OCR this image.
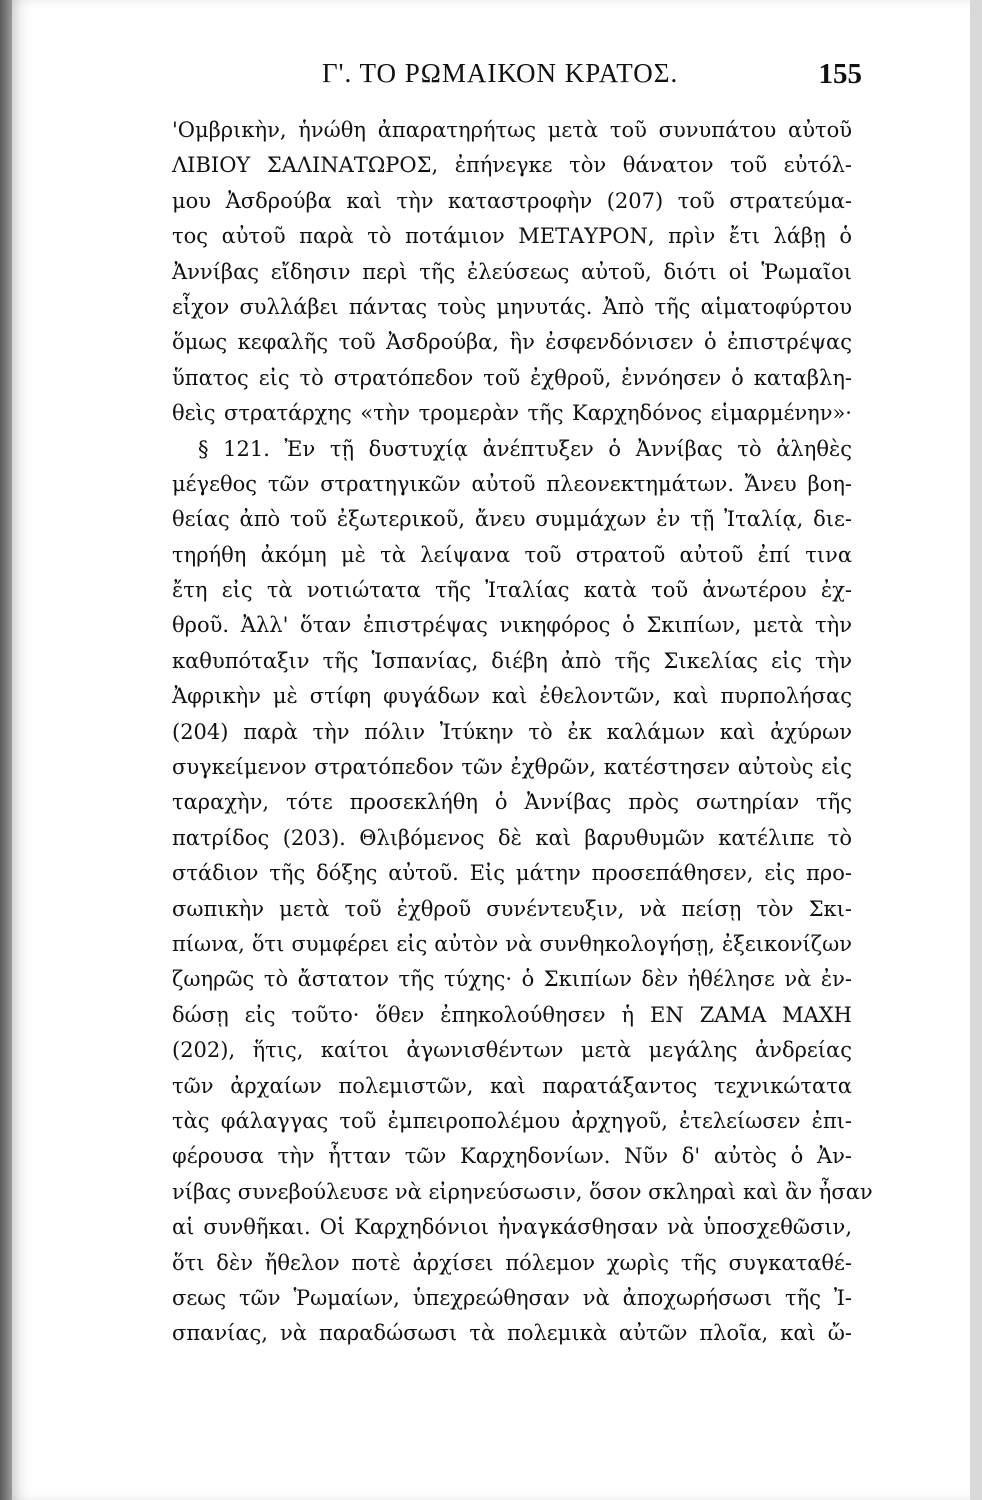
Γ'. ΤΟ ΡΩΜΑΙΚΟΝ ΚΡΑΤΟΣ.	155
'Ομβρικὴν, ἡνώθη ἀπαρατηρήτως μετὰ τοῦ συνυπάτου αὐτοῦ
ΛΙΒΙΟΥ ΣΑΛΙΝΑΤΩΡΟΣ, ἐπήνεγκε τὸν θάνατον τοῦ εὐτόλ-
μου Ἀσδρούβα καὶ τὴν καταστροφὴν (207) τοῦ στρατεύμα-
τος αὐτοῦ παρὰ τὸ ποτάμιον ΜΕΤΑΥΡΟΝ, πρὶν ἔτι λάβῃ ὁ
Ἀννίβας εἴδησιν περὶ τῆς ἐλεύσεως αὐτοῦ, διότι οἱ Ῥωμαῖοι
εἶχον συλλάβει πάντας τοὺς μηνυτάς. Ἀπὸ τῆς αἱματοφύρτου
ὅμως κεφαλῆς τοῦ Ἀσδρούβα, ἣν ἐσφενδόνισεν ὁ ἐπιστρέψας
ὕπατος εἰς τὸ στρατόπεδον τοῦ ἐχθροῦ, ἐννόησεν ὁ καταβλη-
θεὶς στρατάρχης «τὴν τρομερὰν τῆς Καρχηδόνος εἱμαρμένην»·
§ 121. Ἐν τῇ δυστυχίᾳ ἀνέπτυξεν ὁ Ἀννίβας τὸ ἀληθὲς
μέγεθος τῶν στρατηγικῶν αὐτοῦ πλεονεκτημάτων. Ἄνευ βοη-
θείας ἀπὸ τοῦ ἐξωτερικοῦ, ἄνευ συμμάχων ἐν τῇ Ἰταλίᾳ, διε-
τηρήθη ἀκόμη μὲ τὰ λείψανα τοῦ στρατοῦ αὐτοῦ ἐπί τινα
ἔτη εἰς τὰ νοτιώτατα τῆς Ἰταλίας κατὰ τοῦ ἀνωτέρου ἐχ-
θροῦ. Ἀλλ' ὅταν ἐπιστρέψας νικηφόρος ὁ Σκιπίων, μετὰ τὴν
καθυπόταξιν τῆς Ἱσπανίας, διέβη ἀπὸ τῆς Σικελίας εἰς τὴν
Ἀφρικὴν μὲ στίφη φυγάδων καὶ ἐθελοντῶν, καὶ πυρπολήσας
(204) παρὰ τὴν πόλιν Ἰτύκην τὸ ἐκ καλάμων καὶ ἀχύρων
συγκείμενον στρατόπεδον τῶν ἐχθρῶν, κατέστησεν αὐτοὺς εἰς
ταραχὴν, τότε προσεκλήθη ὁ Ἀννίβας πρὸς σωτηρίαν τῆς
πατρίδος (203). Θλιβόμενος δὲ καὶ βαρυθυμῶν κατέλιπε τὸ
στάδιον τῆς δόξης αὐτοῦ. Εἰς μάτην προσεπάθησεν, εἰς προ-
σωπικὴν μετὰ τοῦ ἐχθροῦ συνέντευξιν, νὰ πείσῃ τὸν Σκι-
πίωνα, ὅτι συμφέρει εἰς αὐτὸν νὰ συνθηκολογήσῃ, ἐξεικονίζων
ζωηρῶς τὸ ἄστατον τῆς τύχης· ὁ Σκιπίων δὲν ἠθέλησε νὰ ἐν-
δώσῃ εἰς τοῦτο· ὅθεν ἐπηκολούθησεν ἡ ΕΝ ΖΑΜΑ ΜΑΧΗ
(202), ἥτις, καίτοι ἀγωνισθέντων μετὰ μεγάλης ἀνδρείας
τῶν ἀρχαίων πολεμιστῶν, καὶ παρατάξαντος τεχνικώτατα
τὰς φάλαγγας τοῦ ἐμπειροπολέμου ἀρχηγοῦ, ἐτελείωσεν ἐπι-
φέρουσα τὴν ἧτταν τῶν Καρχηδονίων. Νῦν δ' αὐτὸς ὁ Ἀν-
νίβας συνεβούλευσε νὰ εἰρηνεύσωσιν, ὅσον σκληραὶ καὶ ἂν ἦσαν
αἱ συνθῆκαι. Οἱ Καρχηδόνιοι ἠναγκάσθησαν νὰ ὑποσχεθῶσιν,
ὅτι δὲν ἤθελον ποτὲ ἀρχίσει πόλεμον χωρὶς τῆς συγκαταθέ-
σεως τῶν Ῥωμαίων, ὑπεχρεώθησαν νὰ ἀποχωρήσωσι τῆς Ἰ-
σπανίας, νὰ παραδώσωσι τὰ πολεμικὰ αὐτῶν πλοῖα, καὶ ὤ-
